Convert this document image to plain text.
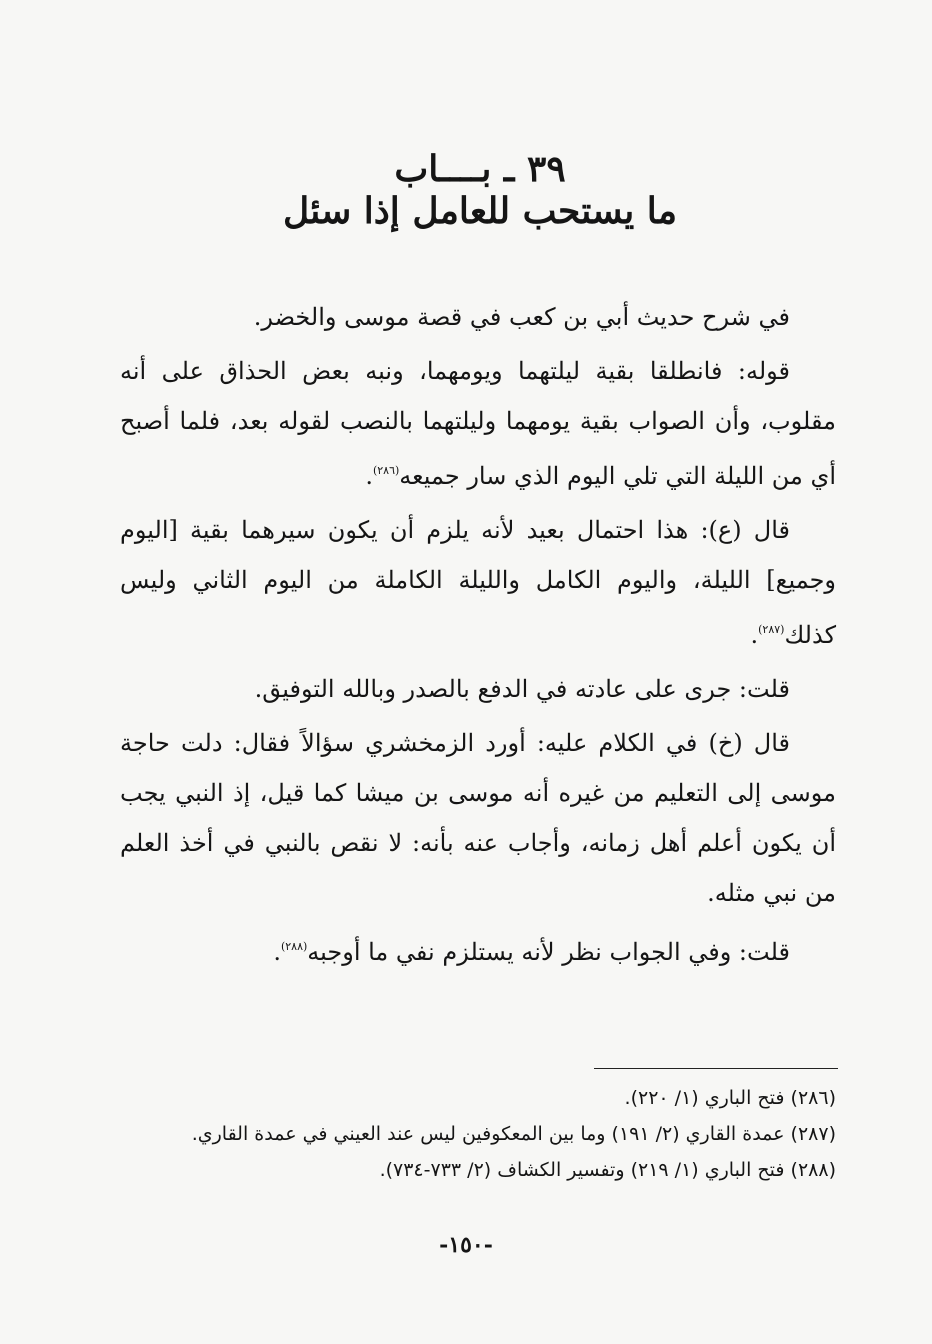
٣٩ ـ بــــاب
ما يستحب للعامل إذا سئل

في شرح حديث أبي بن كعب في قصة موسى والخضر.

قوله: فانطلقا بقية ليلتهما ويومهما، ونبه بعض الحذاق على أنه مقلوب، وأن الصواب بقية يومهما وليلتهما بالنصب لقوله بعد، فلما أصبح أي من الليلة التي تلي اليوم الذي سار جميعه$^{(٢٨٦)}$.

قال (ع): هذا احتمال بعيد لأنه يلزم أن يكون سيرهما بقية [اليوم وجميع] الليلة، واليوم الكامل والليلة الكاملة من اليوم الثاني وليس كذلك$^{(٢٨٧)}$.

قلت: جرى على عادته في الدفع بالصدر وبالله التوفيق.

قال (خ) في الكلام عليه: أورد الزمخشري سؤالاً فقال: دلت حاجة موسى إلى التعليم من غيره أنه موسى بن ميشا كما قيل، إذ النبي يجب أن يكون أعلم أهل زمانه، وأجاب عنه بأنه: لا نقص بالنبي في أخذ العلم من نبي مثله.

قلت: وفي الجواب نظر لأنه يستلزم نفي ما أوجبه$^{(٢٨٨)}$.

(٢٨٦) فتح الباري (١/ ٢٢٠).
(٢٨٧) عمدة القاري (٢/ ١٩١) وما بين المعكوفين ليس عند العيني في عمدة القاري.
(٢٨٨) فتح الباري (١/ ٢١٩) وتفسير الكشاف (٢/ ٧٣٣-٧٣٤).
-١٥٠-
